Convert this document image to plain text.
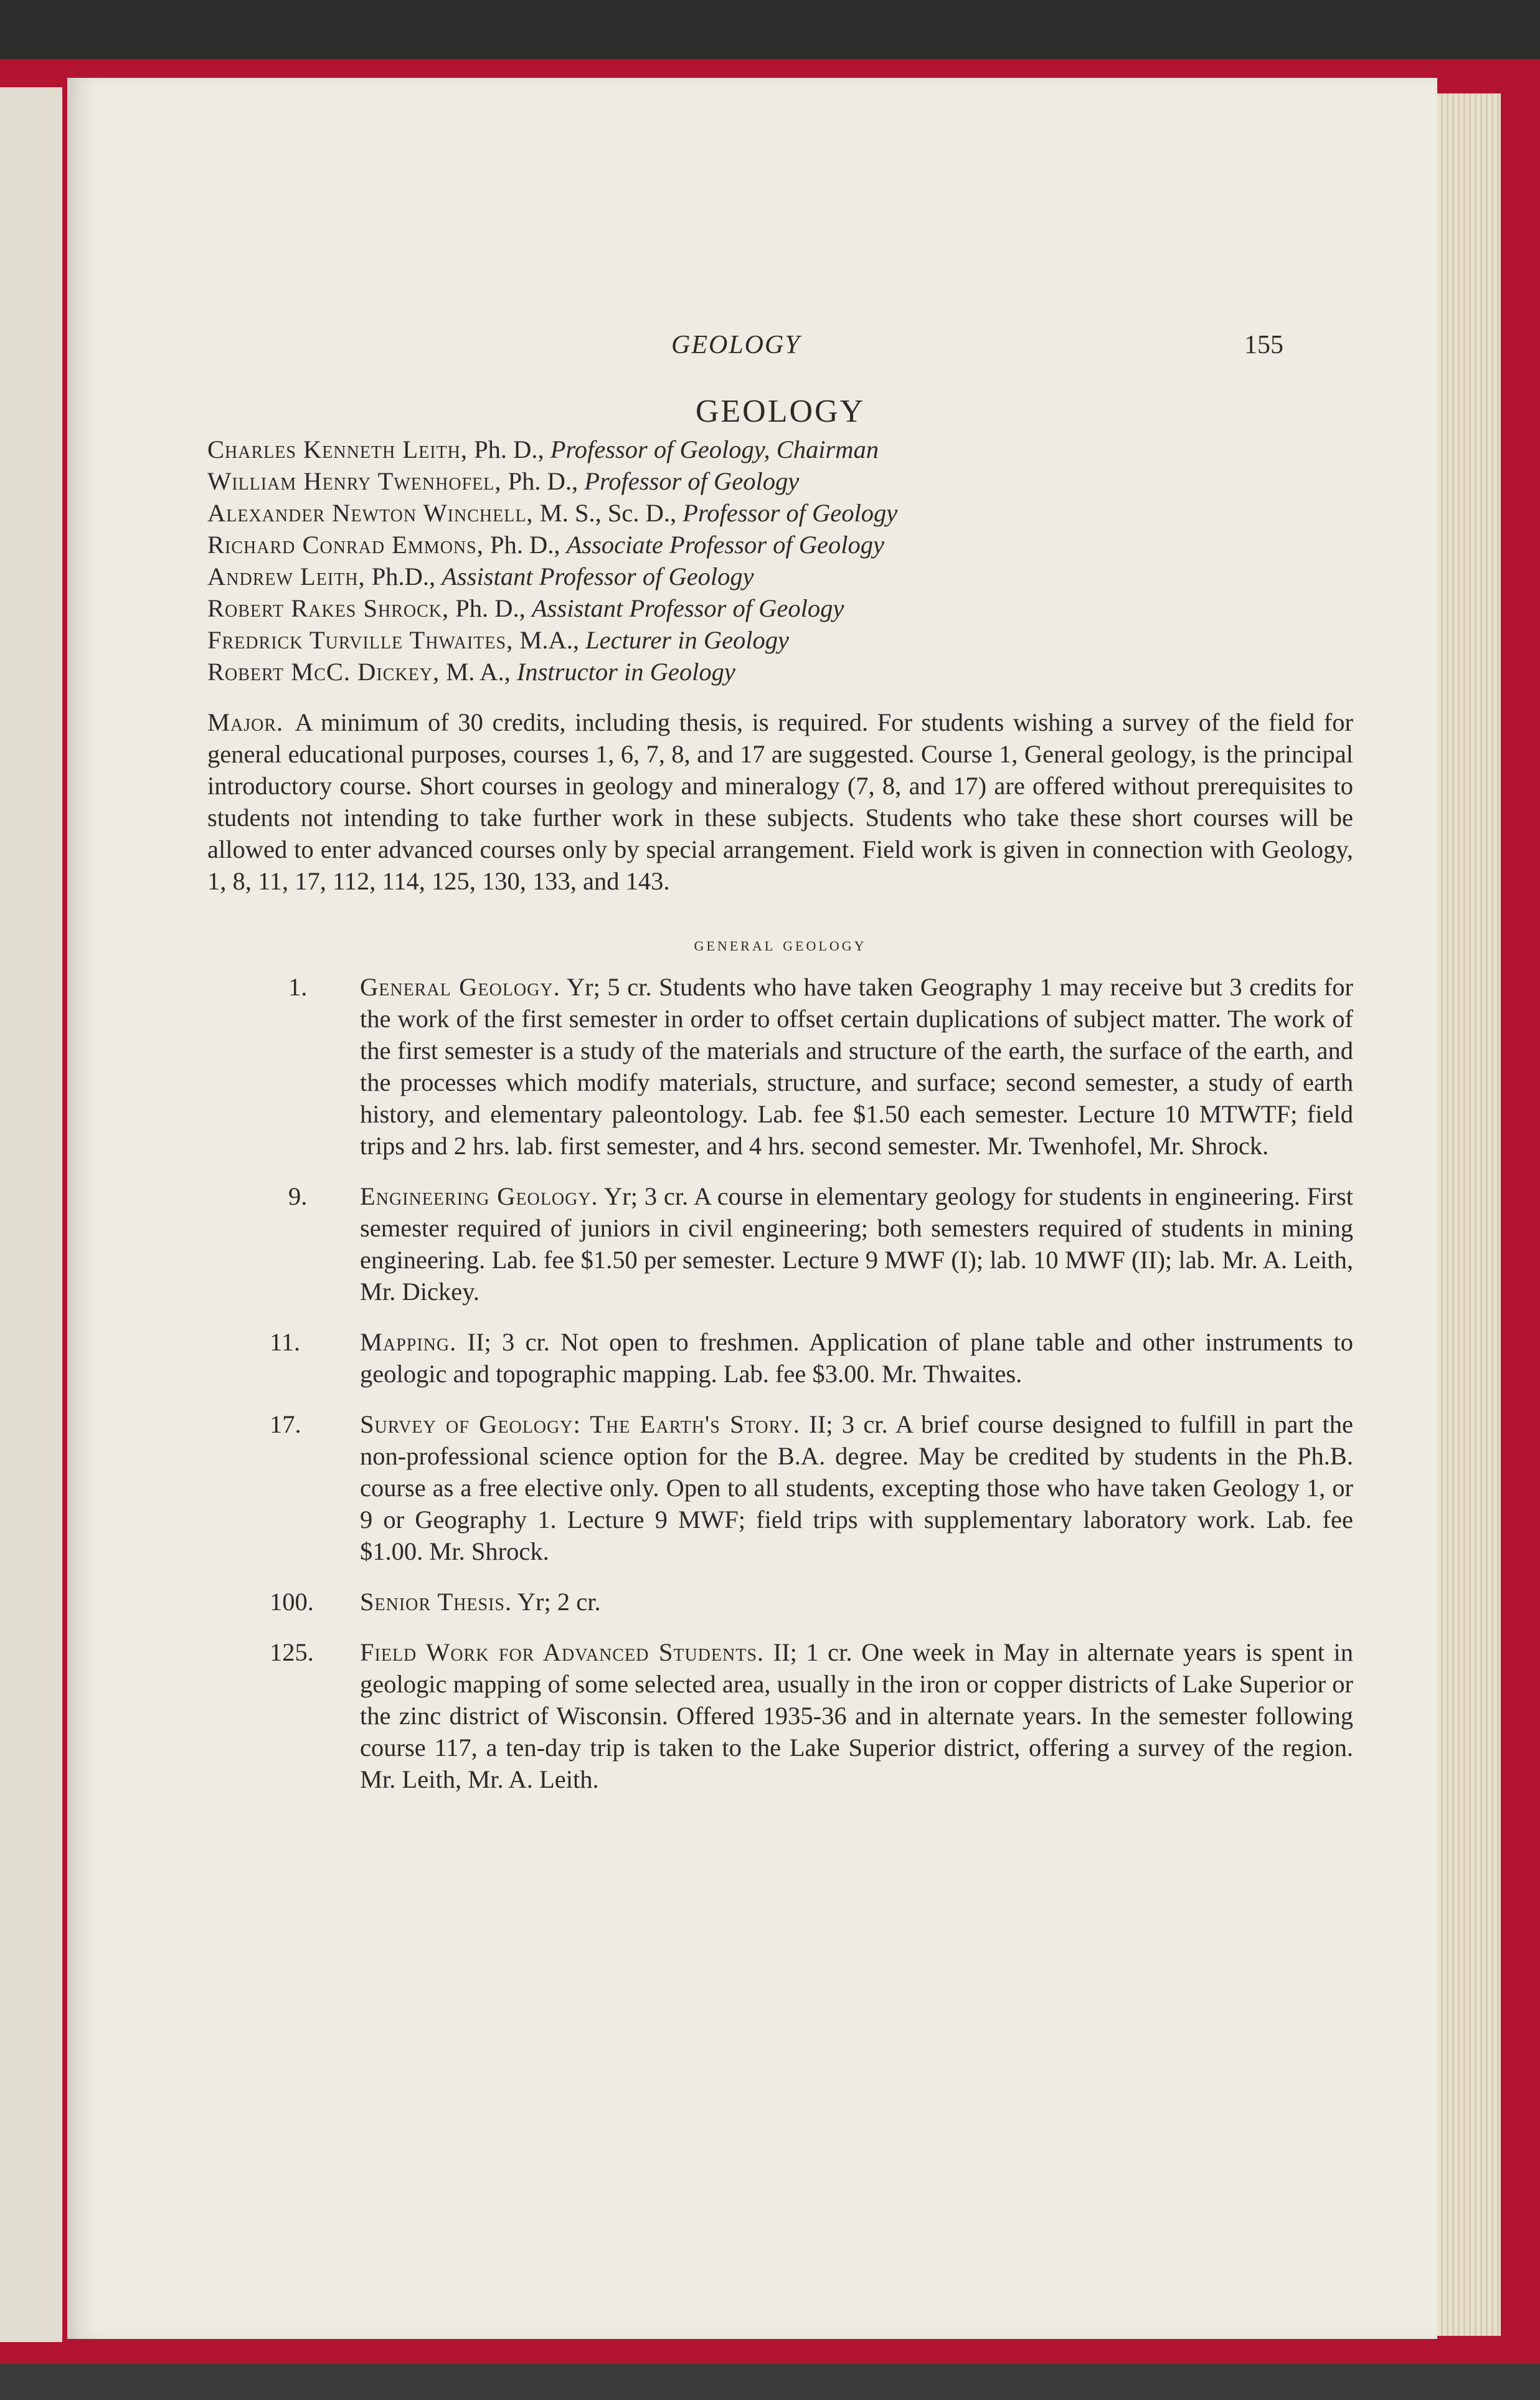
GEOLOGY	155
GEOLOGY
Charles Kenneth Leith, Ph. D., Professor of Geology, Chairman
William Henry Twenhofel, Ph. D., Professor of Geology
Alexander Newton Winchell, M. S., Sc. D., Professor of Geology
Richard Conrad Emmons, Ph. D., Associate Professor of Geology
Andrew Leith, Ph.D., Assistant Professor of Geology
Robert Rakes Shrock, Ph. D., Assistant Professor of Geology
Fredrick Turville Thwaites, M.A., Lecturer in Geology
Robert McC. Dickey, M. A., Instructor in Geology

Major. A minimum of 30 credits, including thesis, is required. For students wishing a survey of the field for general educational purposes, courses 1, 6, 7, 8, and 17 are suggested. Course 1, General geology, is the principal introductory course. Short courses in geology and mineralogy (7, 8, and 17) are offered without prerequisites to students not intending to take further work in these subjects. Students who take these short courses will be allowed to enter advanced courses only by special arrangement. Field work is given in connection with Geology, 1, 8, 11, 17, 112, 114, 125, 130, 133, and 143.

general geology
1.	General Geology. Yr; 5 cr. Students who have taken Geography 1 may receive but 3 credits for the work of the first semester in order to offset certain duplications of subject matter. The work of the first semester is a study of the materials and structure of the earth, the surface of the earth, and the processes which modify materials, structure, and surface; second semester, a study of earth history, and elementary paleontology. Lab. fee $1.50 each semester. Lecture 10 MTWTF; field trips and 2 hrs. lab. first semester, and 4 hrs. second semester. Mr. Twenhofel, Mr. Shrock.
9.	Engineering Geology. Yr; 3 cr. A course in elementary geology for students in engineering. First semester required of juniors in civil engineering; both semesters required of students in mining engineering. Lab. fee $1.50 per semester. Lecture 9 MWF (I); lab. 10 MWF (II); lab. Mr. A. Leith, Mr. Dickey.
11.	Mapping. II; 3 cr. Not open to freshmen. Application of plane table and other instruments to geologic and topographic mapping. Lab. fee $3.00. Mr. Thwaites.
17.	Survey of Geology: The Earth's Story. II; 3 cr. A brief course designed to fulfill in part the non-professional science option for the B.A. degree. May be credited by students in the Ph.B. course as a free elective only. Open to all students, excepting those who have taken Geology 1, or 9 or Geography 1. Lecture 9 MWF; field trips with supplementary laboratory work. Lab. fee $1.00. Mr. Shrock.
100.	Senior Thesis. Yr; 2 cr.
125.	Field Work for Advanced Students. II; 1 cr. One week in May in alternate years is spent in geologic mapping of some selected area, usually in the iron or copper districts of Lake Superior or the zinc district of Wisconsin. Offered 1935-36 and in alternate years. In the semester following course 117, a ten-day trip is taken to the Lake Superior district, offering a survey of the region. Mr. Leith, Mr. A. Leith.
